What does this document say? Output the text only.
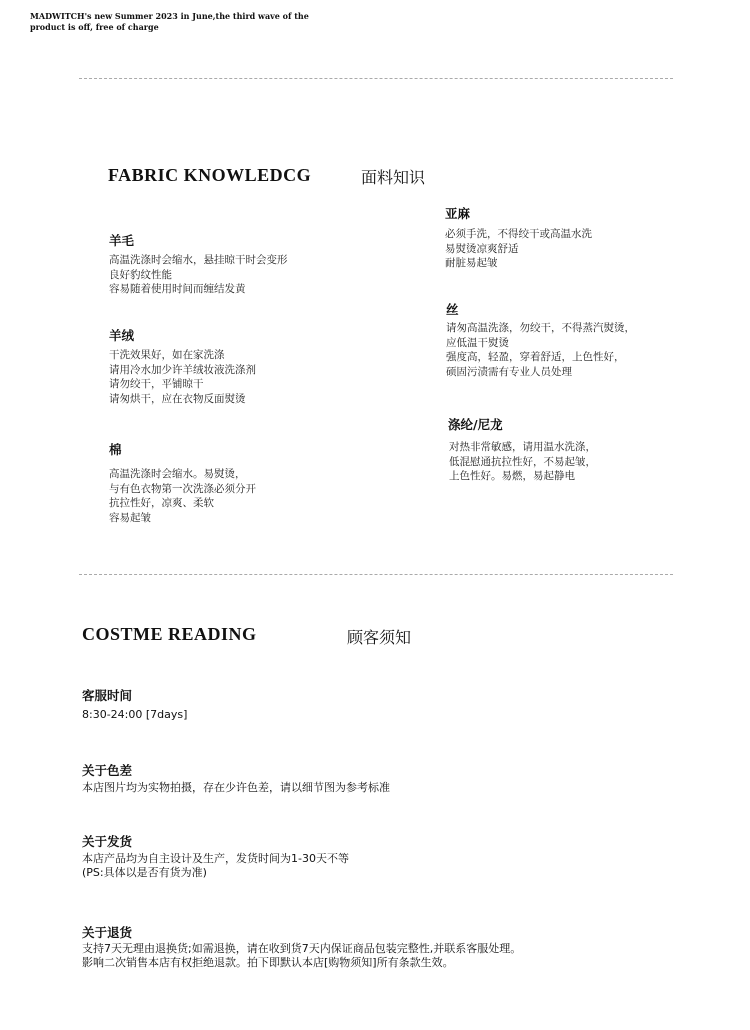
MADWITCH's new Summer 2023 in June,the third wave of the product is off, free of charge
FABRIC KNOWLEDCG	面料知识
羊毛
高温洗涤时会缩水，悬挂晾干时会变形
良好豹纹性能
容易随着使用时间而缠结发黄
羊绒
干洗效果好，如在家洗涤
请用冷水加少许羊绒妆液洗涤剂
请勿绞干，平铺晾干
请匆烘干，应在衣物反面熨烫
棉
高温洗涤时会缩水。易熨烫，
与有色衣物第一次洗涤必须分开
抗拉性好，凉爽、柔软
容易起皱
亚麻
必须手洗，不得绞干或高温水洗
易熨烫凉爽舒适
耐脏易起皱
丝
请匆高温洗涤，勿绞干，不得蒸汽熨烫，
应低温干熨烫
强度高，轻盈，穿着舒适，上色性好，
硕固污渍需有专业人员处理
涤纶/尼龙
对热非常敏感，请用温水洗涤，
低混慰通抗拉性好，不易起皱，
上色性好。易燃，易起静电
COSTME READING	顾客须知
客服时间
8:30-24:00 [7days]
关于色差
本店图片均为实物拍摄，存在少许色差，请以细节图为参考标准
关于发货
本店产品均为自主设计及生产，发货时间为1-30天不等
(PS:具体以是否有货为准)
关于退货
支持7天无理由退换货;如需退换，请在收到货7天内保证商品包装完整性,并联系客服处理。
影响二次销售本店有权拒绝退款。拍下即默认本店[购物须知]所有条款生效。
